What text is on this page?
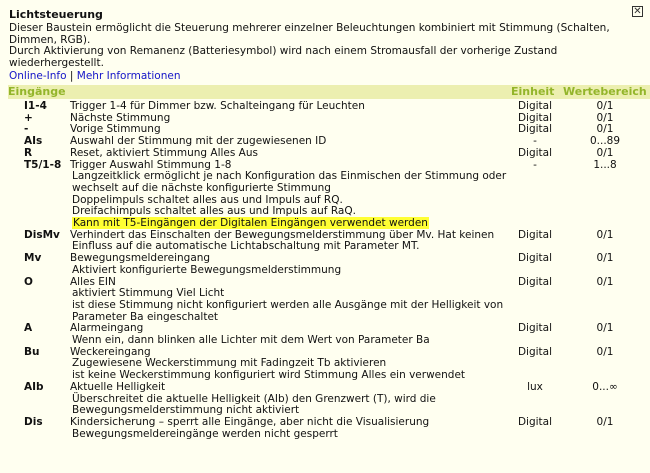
Lichtsteuerung	✕
Dieser Baustein ermöglicht die Steuerung mehrerer einzelner Beleuchtungen kombiniert mit Stimmung (Schalten,
Dimmen, RGB).
Durch Aktivierung von Remanenz (Batteriesymbol) wird nach einem Stromausfall der vorherige Zustand
wiederhergestellt.
Online-Info | Mehr Informationen
Eingänge	Einheit Wertebereich
I1-4 Trigger 1-4 für Dimmer bzw. Schalteingang für Leuchten	Digital	0/1
+	Nächste Stimmung	Digital	0/1
-	Vorige Stimmung	Digital	0/1
AIs	Auswahl der Stimmung mit der zugewiesenen ID	-	0...89
R	Reset, aktiviert Stimmung Alles Aus	Digital	0/1
T5/1-8 Trigger Auswahl Stimmung 1-8
Langzeitklick ermöglicht je nach Konfiguration das Einmischen der Stimmung oder
wechselt auf die nächste konfigurierte Stimmung
Doppelimpuls schaltet alles aus und Impuls auf RQ.
Dreifachimpuls schaltet alles aus und Impuls auf RaQ.
Kann mit T5-Eingängen der Digitalen Eingängen verwendet werden
-	1...8
DisMv Verhindert das Einschalten der Bewegungsmelderstimmung über Mv. Hat keinen
Einfluss auf die automatische Lichtabschaltung mit Parameter MT.
Digital	0/1
Mv	Bewegungsmeldereingang
Aktiviert konfigurierte Bewegungsmelderstimmung
Digital	0/1
O	Alles EIN
aktiviert Stimmung Viel Licht
ist diese Stimmung nicht konfiguriert werden alle Ausgänge mit der Helligkeit von
Parameter Ba eingeschaltet
Digital	0/1
A	Alarmeingang
Wenn ein, dann blinken alle Lichter mit dem Wert von Parameter Ba
Digital	0/1
Bu	Weckereingang
Zugewiesene Weckerstimmung mit Fadingzeit Tb aktivieren
ist keine Weckerstimmung konfiguriert wird Stimmung Alles ein verwendet
Digital	0/1
AIb	Aktuelle Helligkeit
Überschreitet die aktuelle Helligkeit (AIb) den Grenzwert (T), wird die
Bewegungsmelderstimmung nicht aktiviert
lux	0...∞
Dis	Kindersicherung – sperrt alle Eingänge, aber nicht die Visualisierung
Bewegungsmeldereingänge werden nicht gesperrt
Digital	0/1
